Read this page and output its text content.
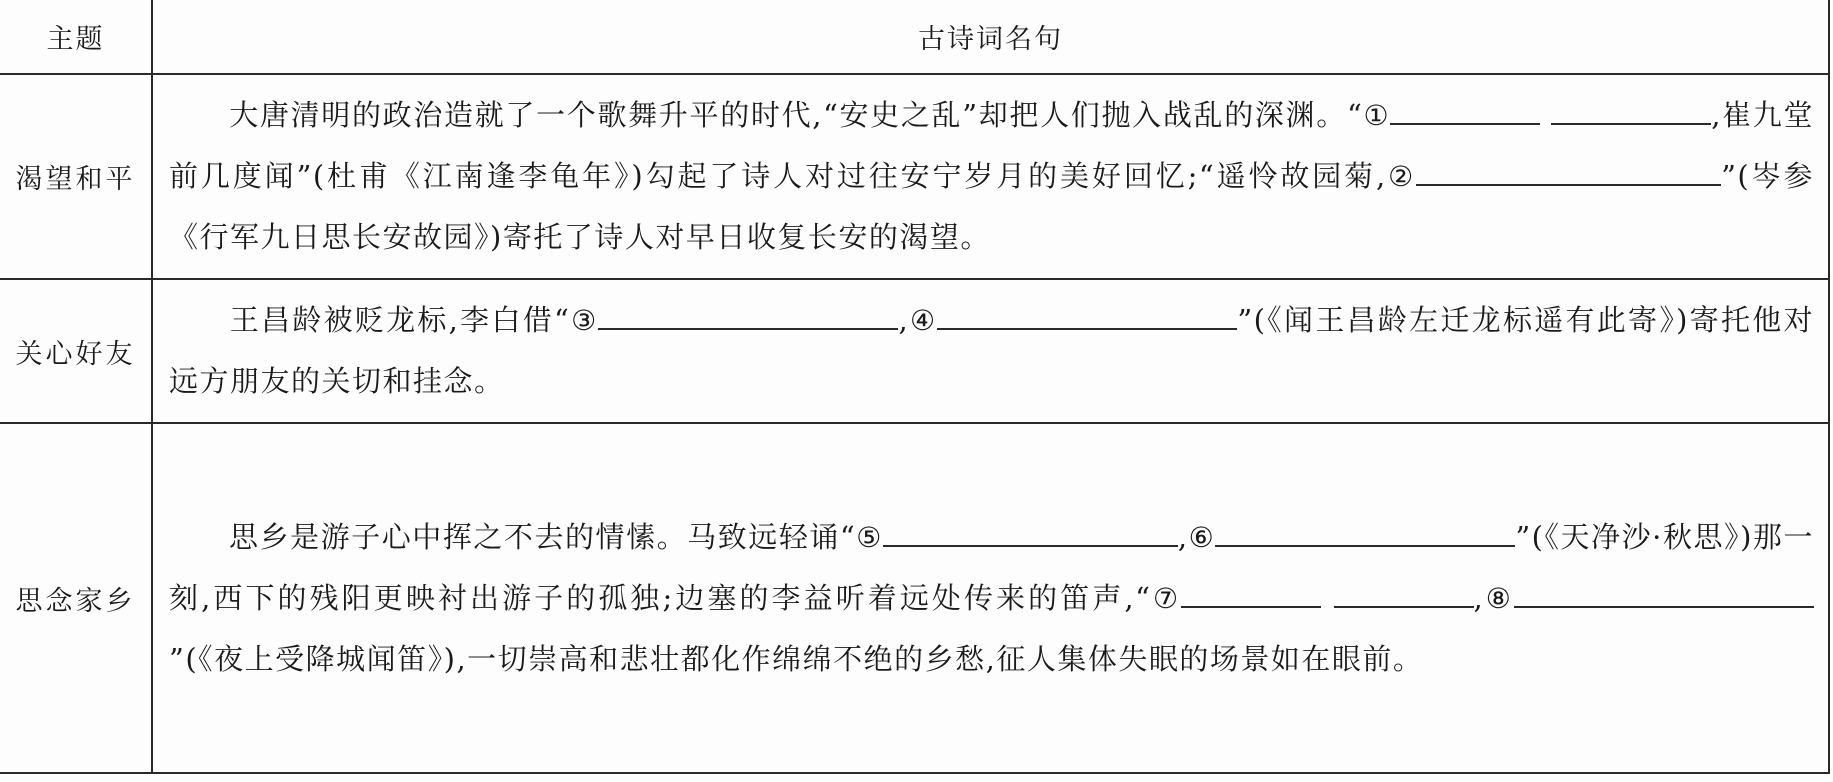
主题	古诗词名句
渴望和平	大唐清明的政治造就了一个歌舞升平的时代,“安史之乱”却把人们抛入战乱的深渊。“① ,崔九堂前几度闻”(杜甫《江南逢李龟年》)勾起了诗人对过往安宁岁月的美好回忆;“遥怜故园菊,② ”(岑参《行军九日思长安故园》)寄托了诗人对早日收复长安的渴望。
关心好友	王昌龄被贬龙标,李白借“③ ,④ ”(《闻王昌龄左迁龙标遥有此寄》)寄托他对远方朋友的关切和挂念。
思念家乡	思乡是游子心中挥之不去的情愫。马致远轻诵“⑤ ,⑥ ”(《天净沙·秋思》)那一刻,西下的残阳更映衬出游子的孤独;边塞的李益听着远处传来的笛声,“⑦ ,⑧”(《夜上受降城闻笛》),一切崇高和悲壮都化作绵绵不绝的乡愁,征人集体失眠的场景如在眼前。
